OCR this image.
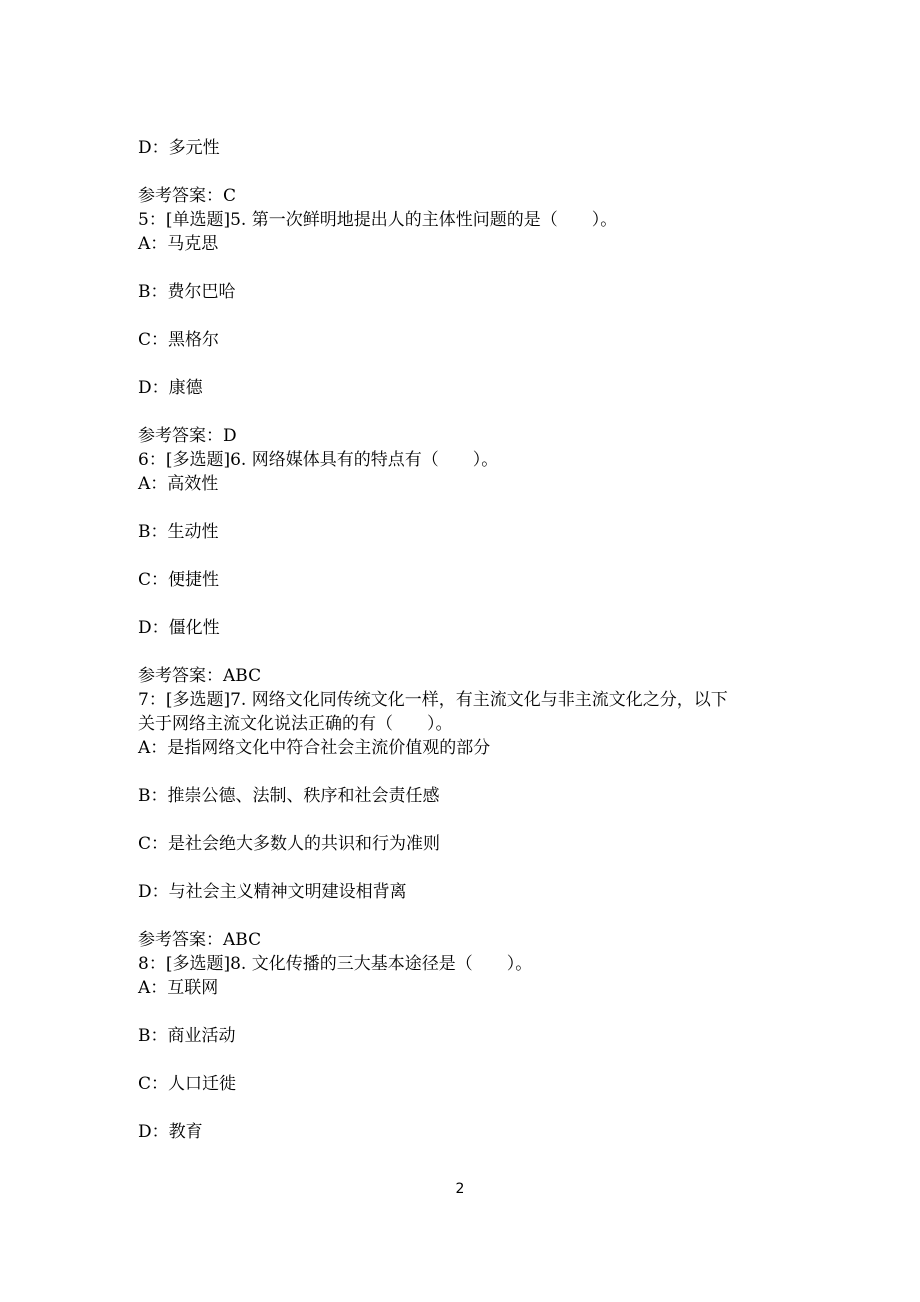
D：多元性
参考答案：C
5：[单选题]5. 第一次鲜明地提出人的主体性问题的是（　　）。
A：马克思
B：费尔巴哈
C：黑格尔
D：康德
参考答案：D
6：[多选题]6. 网络媒体具有的特点有（　　）。
A：高效性
B：生动性
C：便捷性
D：僵化性
参考答案：ABC
7：[多选题]7. 网络文化同传统文化一样，有主流文化与非主流文化之分，以下
关于网络主流文化说法正确的有（　　）。
A：是指网络文化中符合社会主流价值观的部分
B：推崇公德、法制、秩序和社会责任感
C：是社会绝大多数人的共识和行为准则
D：与社会主义精神文明建设相背离
参考答案：ABC
8：[多选题]8. 文化传播的三大基本途径是（　　）。
A：互联网
B：商业活动
C：人口迁徙
D：教育
2
